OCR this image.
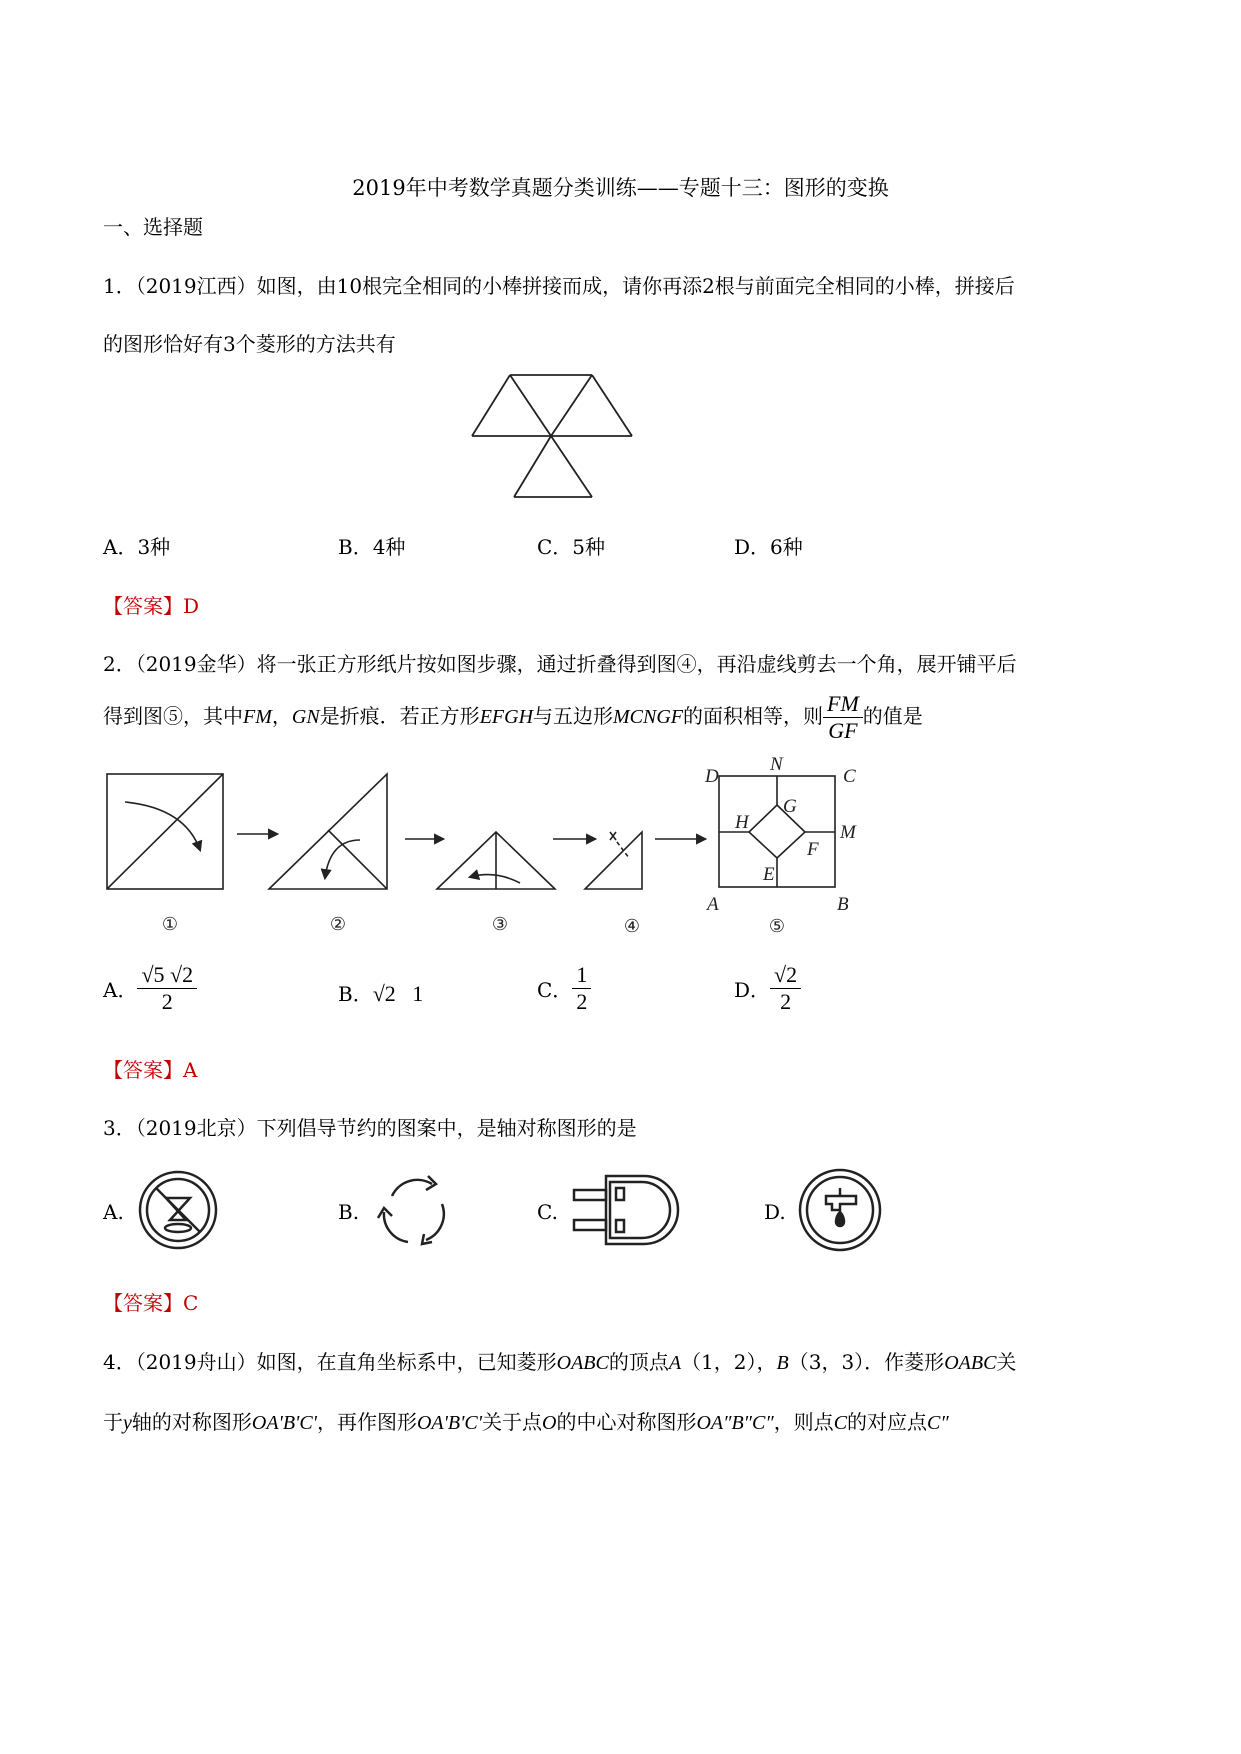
2019年中考数学真题分类训练——专题十三：图形的变换
一、选择题
1．（2019江西）如图，由10根完全相同的小棒拼接而成，请你再添2根与前面完全相同的小棒，拼接后
的图形恰好有3个菱形的方法共有
A．3种	B．4种	C．5种	D．6种
【答案】D
2．（2019金华）将一张正方形纸片按如图步骤，通过折叠得到图④，再沿虚线剪去一个角，展开铺平后
得到图⑤，其中FM，GN是折痕．若正方形EFGH与五边形MCNGF的面积相等，则 $\frac{FM}{GF}$ 的值是
D
N
C
G
H	M
F
E
A	B
①	②	③	④	⑤
A． $\frac{√5 √2}{2}$	B．√2   1	C． $\frac{1}{2}$	D． $\frac{√2}{2}$
【答案】A
3．（2019北京）下列倡导节约的图案中，是轴对称图形的是
A.	B.	C.	D.
【答案】C
4．（2019舟山）如图，在直角坐标系中，已知菱形OABC的顶点A（1，2），B（3，3）．作菱形OABC关
于y轴的对称图形OA'B'C'，再作图形OA'B'C'关于点O的中心对称图形OA″B″C″，则点C的对应点C″
